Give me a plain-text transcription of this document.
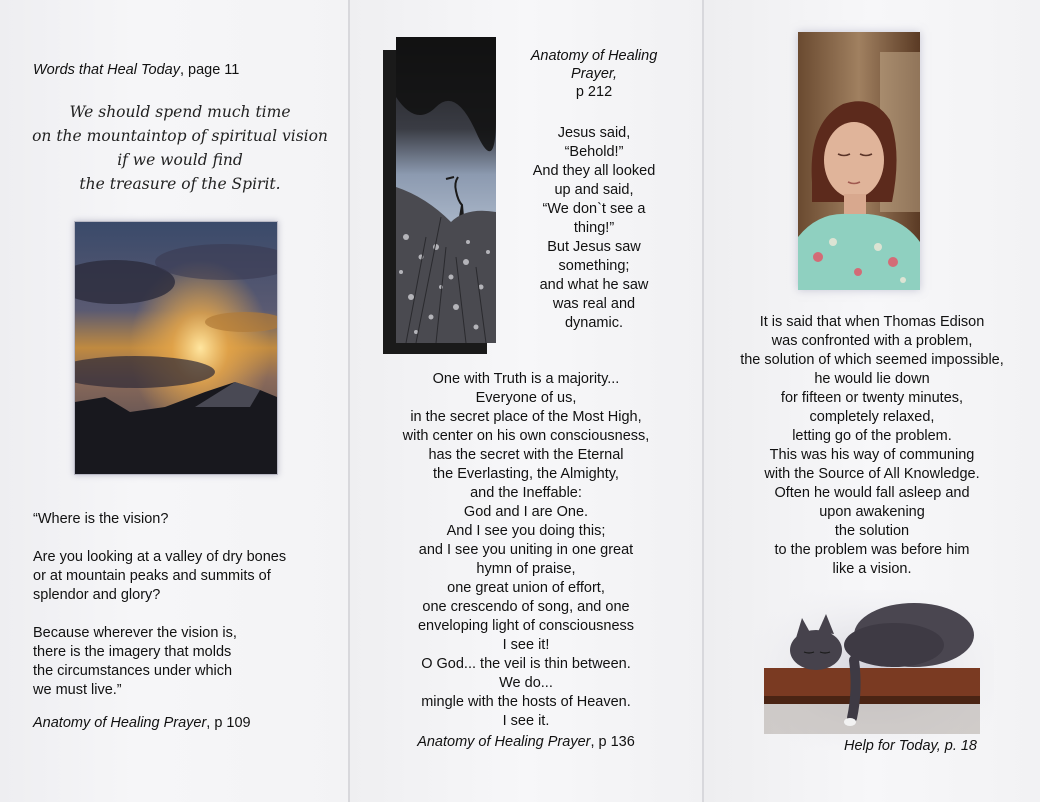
Words that Heal Today, page 11
We should spend much time
on the mountaintop of spiritual vision
if we would find
the treasure of the Spirit.

“Where is the vision?

Are you looking at a valley of dry bones
or at mountain peaks and summits of
splendor and glory?

Because wherever the vision is,
there is the imagery that molds
the circumstances under which
we must live.”

Anatomy of Healing Prayer, p 109
Anatomy of Healing
Prayer,
p 212
Jesus said,
“Behold!”
And they all looked
up and said,
“We don`t see a
thing!”
But Jesus saw
something;
and what he saw
was real and
dynamic.
One with Truth is a majority...
Everyone of us,
in the secret place of the Most High,
with center on his own consciousness,
has the secret with the Eternal
the Everlasting, the Almighty,
and the Ineffable:
God and I are One.
And I see you doing this;
and I see you uniting in one great
hymn of praise,
one great union of effort,
one crescendo of song, and one
enveloping light of consciousness
I see it!
O God... the veil is thin between.
We do...
mingle with the hosts of Heaven.
I see it.
Anatomy of Healing Prayer, p 136
It is said that when Thomas Edison
was confronted with a problem,
the solution of which seemed impossible,
he would lie down
for fifteen or twenty minutes,
completely relaxed,
letting go of the problem.
This was his way of communing
with the Source of All Knowledge.
Often he would fall asleep and
upon awakening
the solution
to the problem was before him
like a vision.
Help for Today, p. 18
